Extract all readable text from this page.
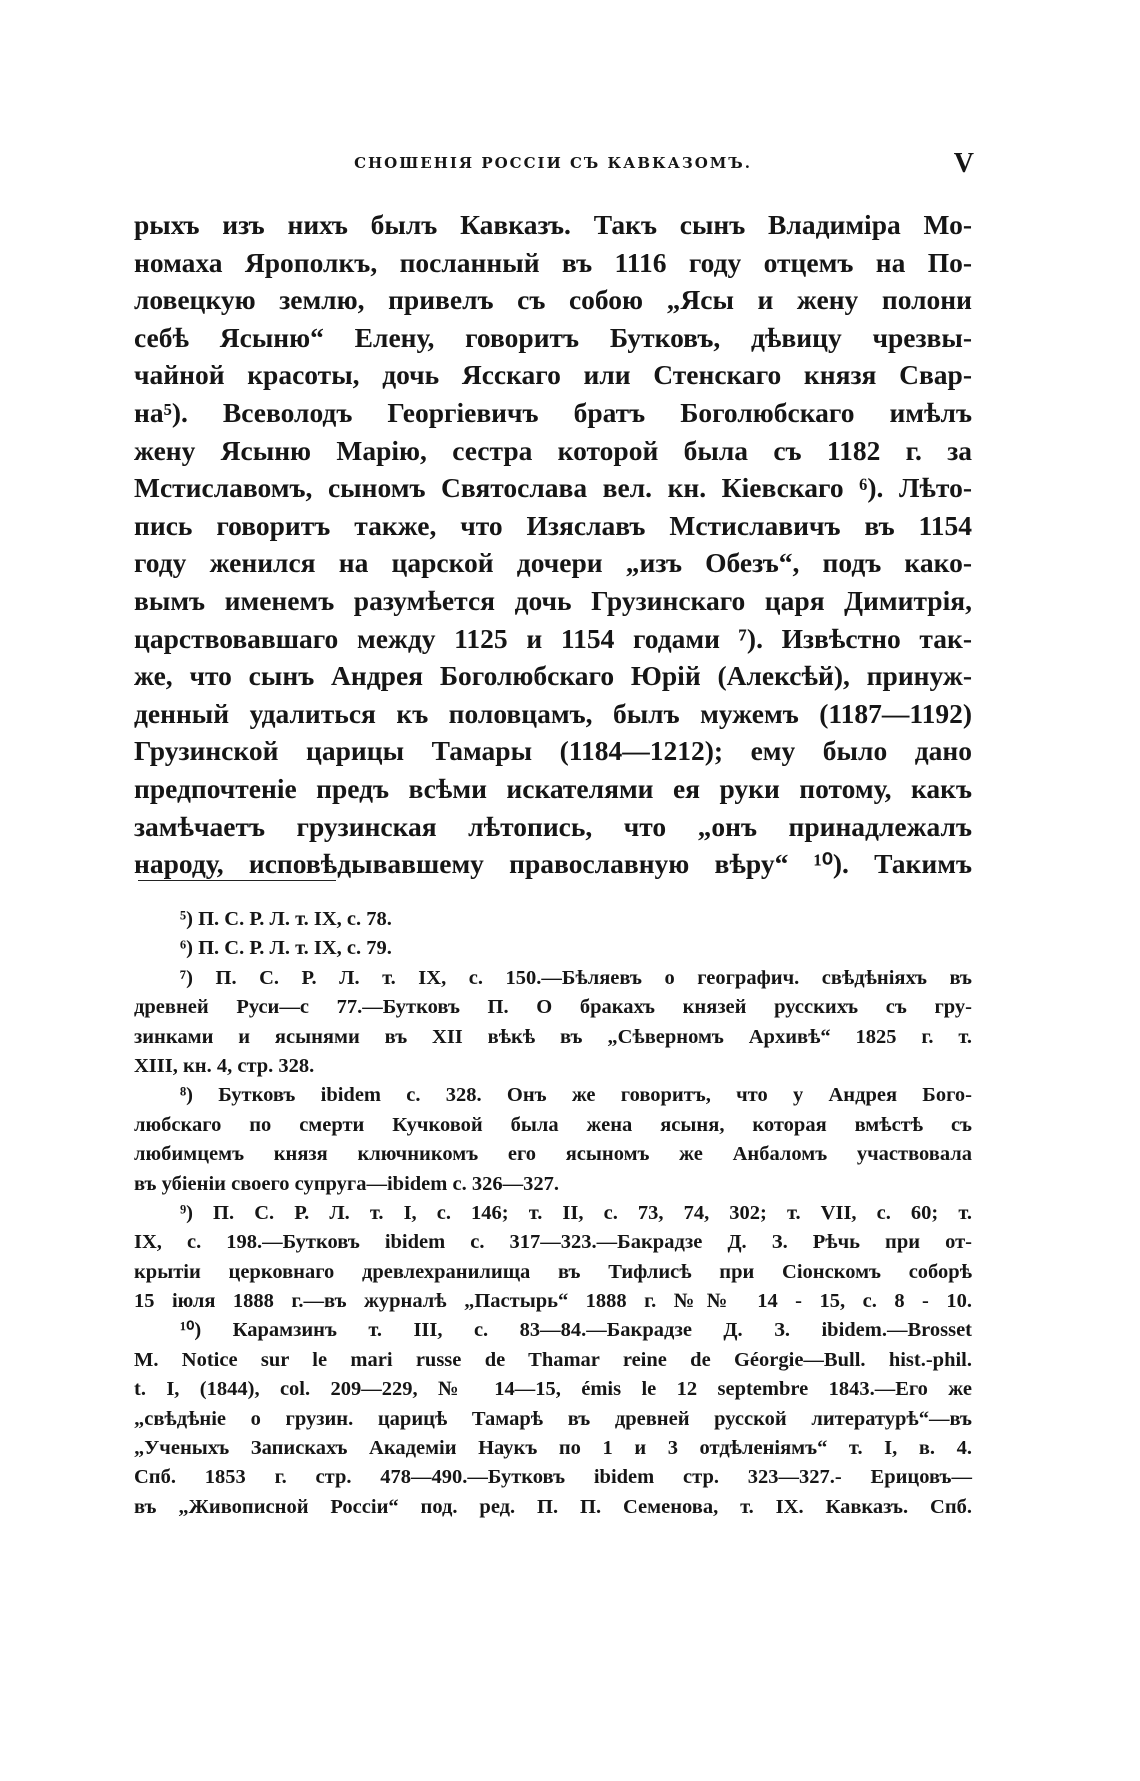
СНОШЕНІЯ РОССІИ СЪ КАВКАЗОМЪ.	V
рыхъ изъ нихъ былъ Кавказъ. Такъ сынъ Владиміра Мо-
номаха Ярополкъ, посланный въ 1116 году отцемъ на По-
ловецкую землю, привелъ съ собою „Ясы и жену полони
себѣ Ясыню“ Елену, говоритъ Бутковъ, дѣвицу чрезвы-
чайной красоты, дочь Ясскаго или Стенскаго князя Свар-
на⁵). Всеволодъ Георгіевичъ братъ Боголюбскаго имѣлъ
жену Ясыню Марію, сестра которой была съ 1182 г. за
Мстиславомъ, сыномъ Святослава вел. кн. Кіевскаго ⁶). Лѣто-
пись говоритъ также, что Изяславъ Мстиславичъ въ 1154
году женился на царской дочери „изъ Обезъ“, подъ како-
вымъ именемъ разумѣется дочь Грузинскаго царя Димитрія,
царствовавшаго между 1125 и 1154 годами ⁷). Извѣстно так-
же, что сынъ Андрея Боголюбскаго Юрій (Алексѣй), принуж-
денный удалиться къ половцамъ, былъ мужемъ (1187—1192)
Грузинской царицы Тамары (1184—1212); ему было дано
предпочтеніе предъ всѣми искателями ея руки потому, какъ
замѣчаетъ грузинская лѣтопись, что „онъ принадлежалъ
народу, исповѣдывавшему православную вѣру“ ¹⁰). Такимъ
⁵) П. С. Р. Л. т. IX, с. 78.
⁶) П. С. Р. Л. т. IX, с. 79.
⁷) П. С. Р. Л. т. IX, с. 150.—Бѣляевъ о географич. свѣдѣніяхъ въ
древней Руси—с 77.—Бутковъ П. О бракахъ князей русскихъ съ гру-
зинками и ясынями въ XII вѣкѣ въ „Сѣверномъ Архивѣ“ 1825 г. т.
XIII, кн. 4, стр. 328.
⁸) Бутковъ ibidem с. 328. Онъ же говоритъ, что у Андрея Бого-
любскаго по смерти Кучковой была жена ясыня, которая вмѣстѣ съ
любимцемъ князя ключникомъ его ясыномъ же Анбаломъ участвовала
въ убіеніи своего супруга—ibidem с. 326—327.
⁹) П. С. Р. Л. т. I, с. 146; т. II, с. 73, 74, 302; т. VII, с. 60; т.
IX, с. 198.—Бутковъ ibidem с. 317—323.—Бакрадзе Д. З. Рѣчь при от-
крытіи церковнаго древлехранилища въ Тифлисѣ при Сіонскомъ соборѣ
15 іюля 1888 г.—въ журналѣ „Пастырь“ 1888 г. №№ 14 - 15, с. 8 - 10.
¹⁰) Карамзинъ т. III, с. 83—84.—Бакрадзе Д. З. ibidem.—Brosset
M. Notice sur le mari russe de Thamar reine de Géorgie—Bull. hist.-phil.
t. I, (1844), col. 209—229, № 14—15, émis le 12 septembre 1843.—Его же
„свѣдѣніе о грузин. царицѣ Тамарѣ въ древней русской литературѣ“—въ
„Ученыхъ Запискахъ Академіи Наукъ по 1 и 3 отдѣленіямъ“ т. I, в. 4.
Спб. 1853 г. стр. 478—490.—Бутковъ ibidem стр. 323—327.- Ерицовъ—
въ „Живописной Россіи“ под. ред. П. П. Семенова, т. IX. Кавказъ. Спб.
